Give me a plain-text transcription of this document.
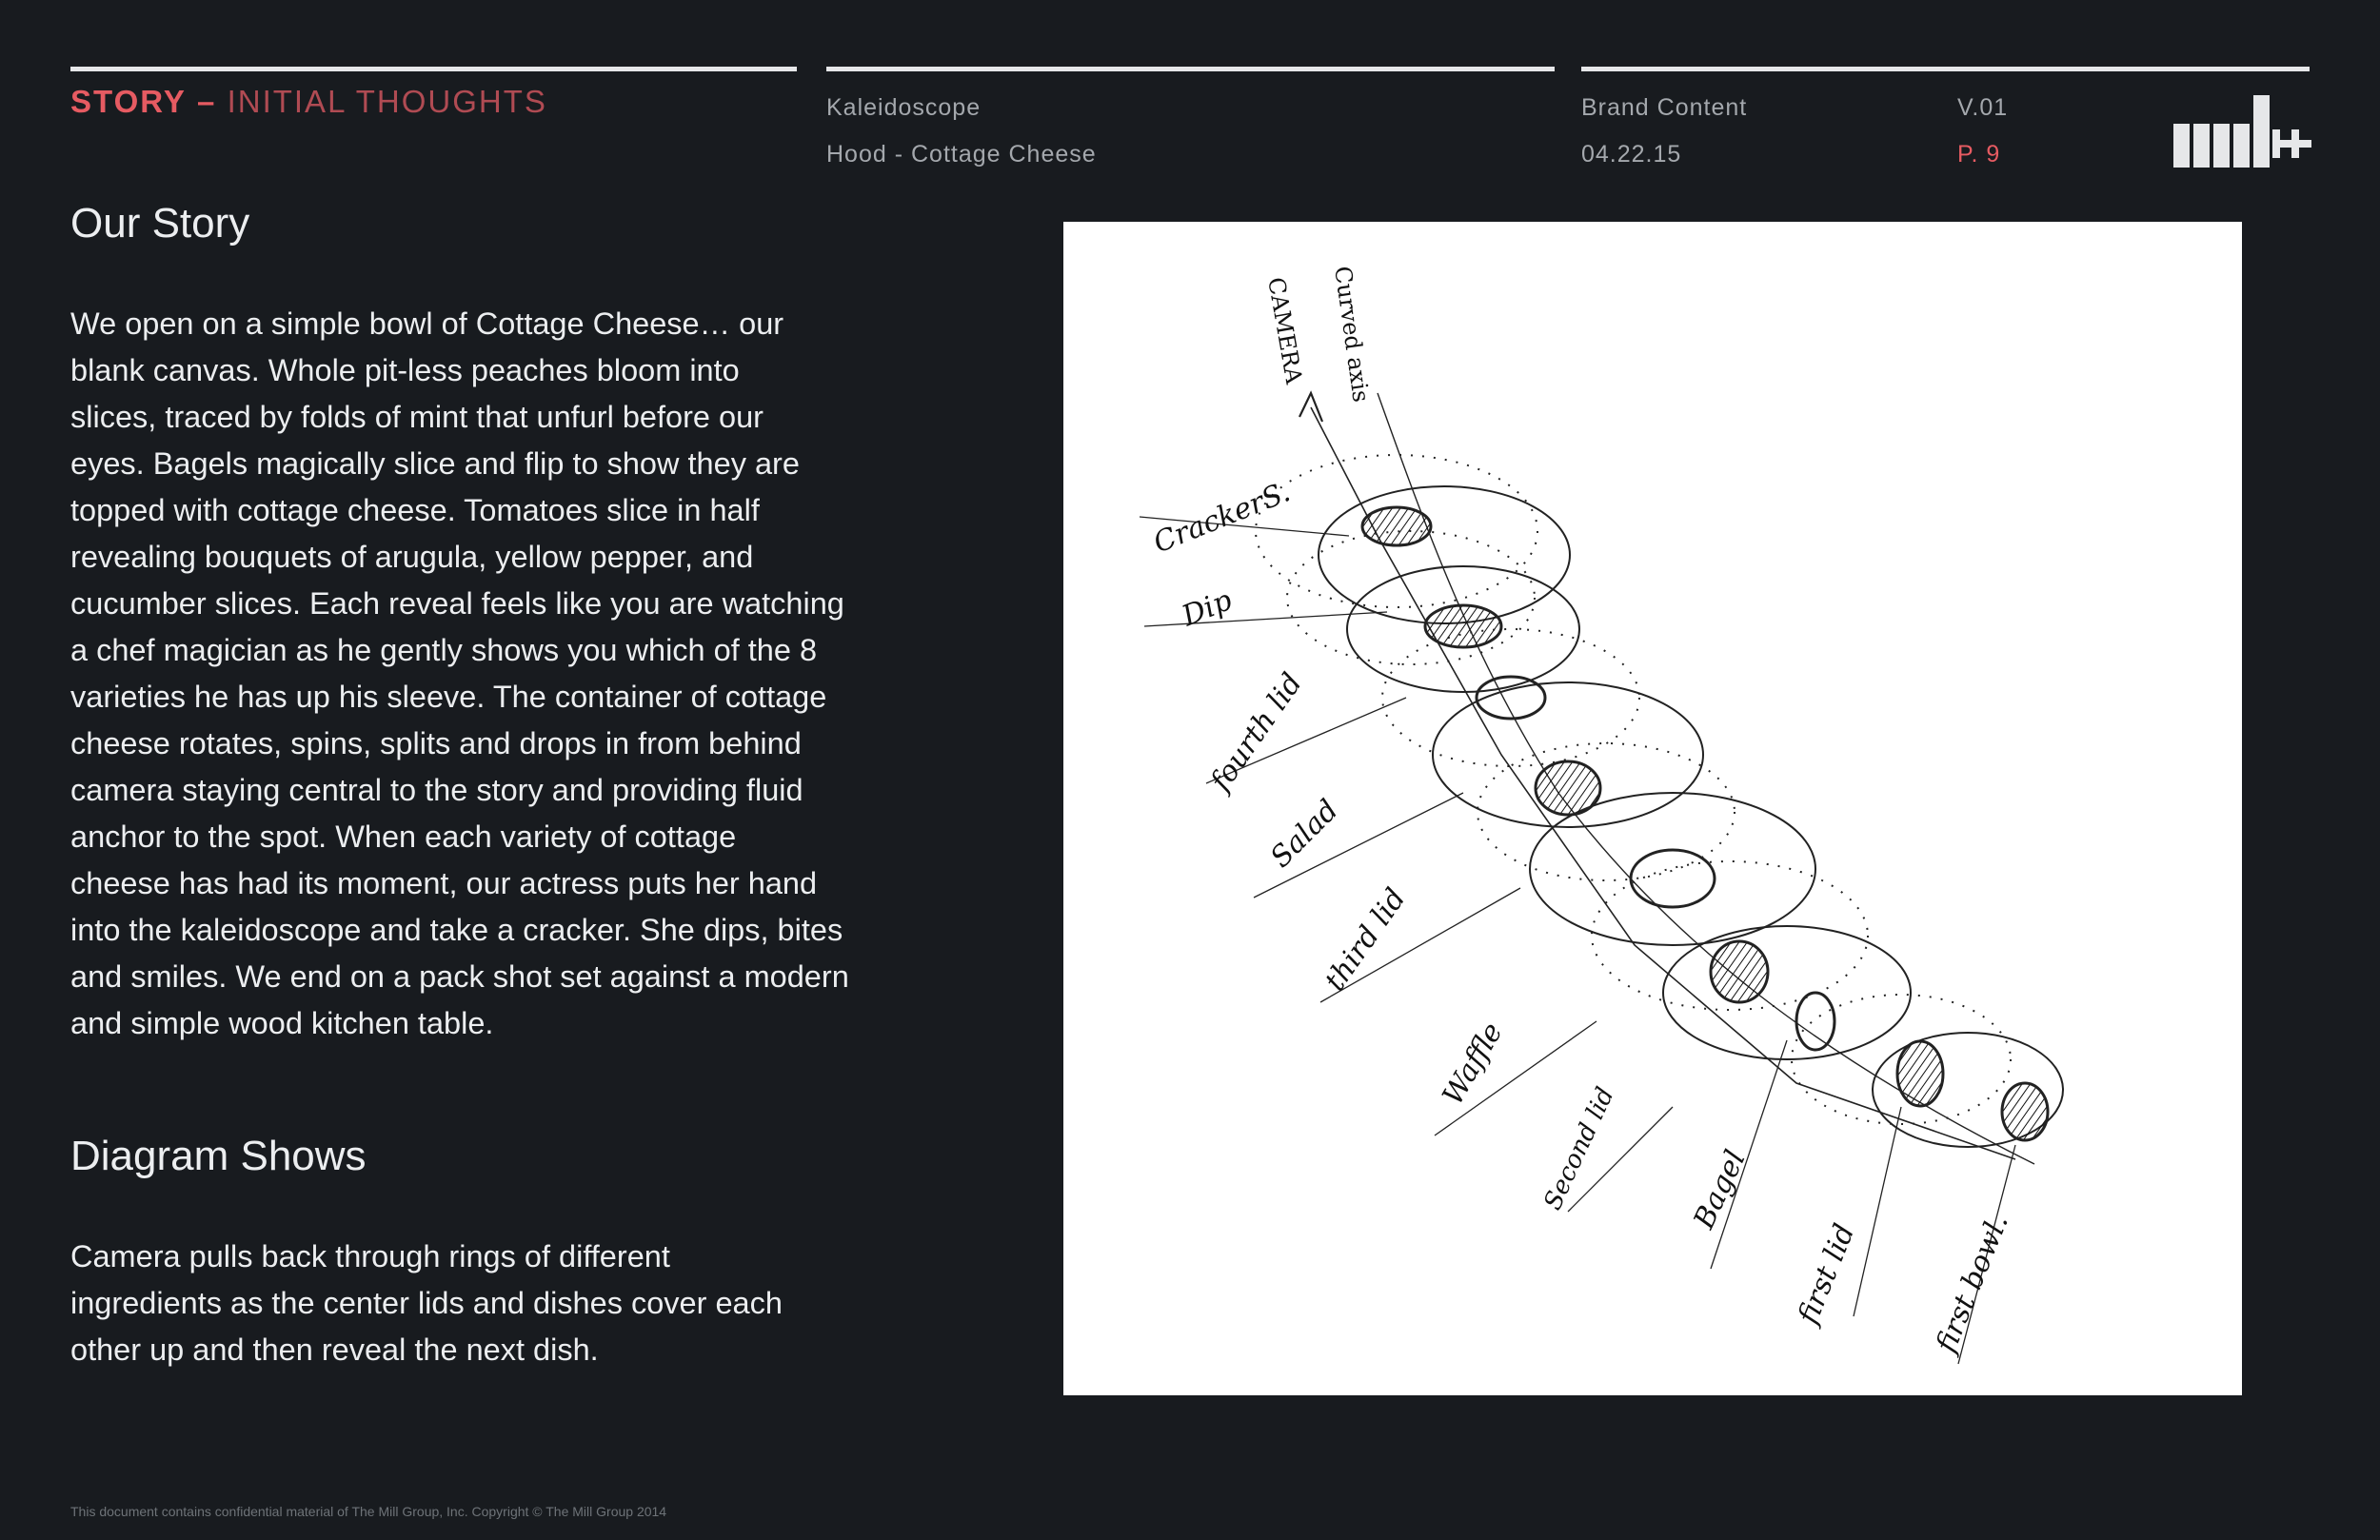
STORY – INITIAL THOUGHTS	Kaleidoscope
Hood - Cottage Cheese
Brand Content
04.22.15
V.01
P. 9
Our Story
We open on a simple bowl of Cottage Cheese… our
blank canvas. Whole pit-less peaches bloom into
slices, traced by folds of mint that unfurl before our
eyes. Bagels magically slice and flip to show they are
topped with cottage cheese. Tomatoes slice in half
revealing bouquets of arugula, yellow pepper, and
cucumber slices. Each reveal feels like you are watching
a chef magician as he gently shows you which of the 8
varieties he has up his sleeve. The container of cottage
cheese rotates, spins, splits and drops in from behind
camera staying central to the story and providing fluid
anchor to the spot. When each variety of cottage
cheese has had its moment, our actress puts her hand
into the kaleidoscope and take a cracker. She dips, bites
and smiles. We end on a pack shot set against a modern
and simple wood kitchen table.
Diagram Shows
Camera pulls back through rings of different
ingredients as the center lids and dishes cover each
other up and then reveal the next dish.
CAMERA Curved axis
CrackerS.
Dip
fourth lid
Salad
third lid
Waffle
Second lid Bagel
first lid first bowl.
This document contains confidential material of The Mill Group, Inc. Copyright © The Mill Group 2014
